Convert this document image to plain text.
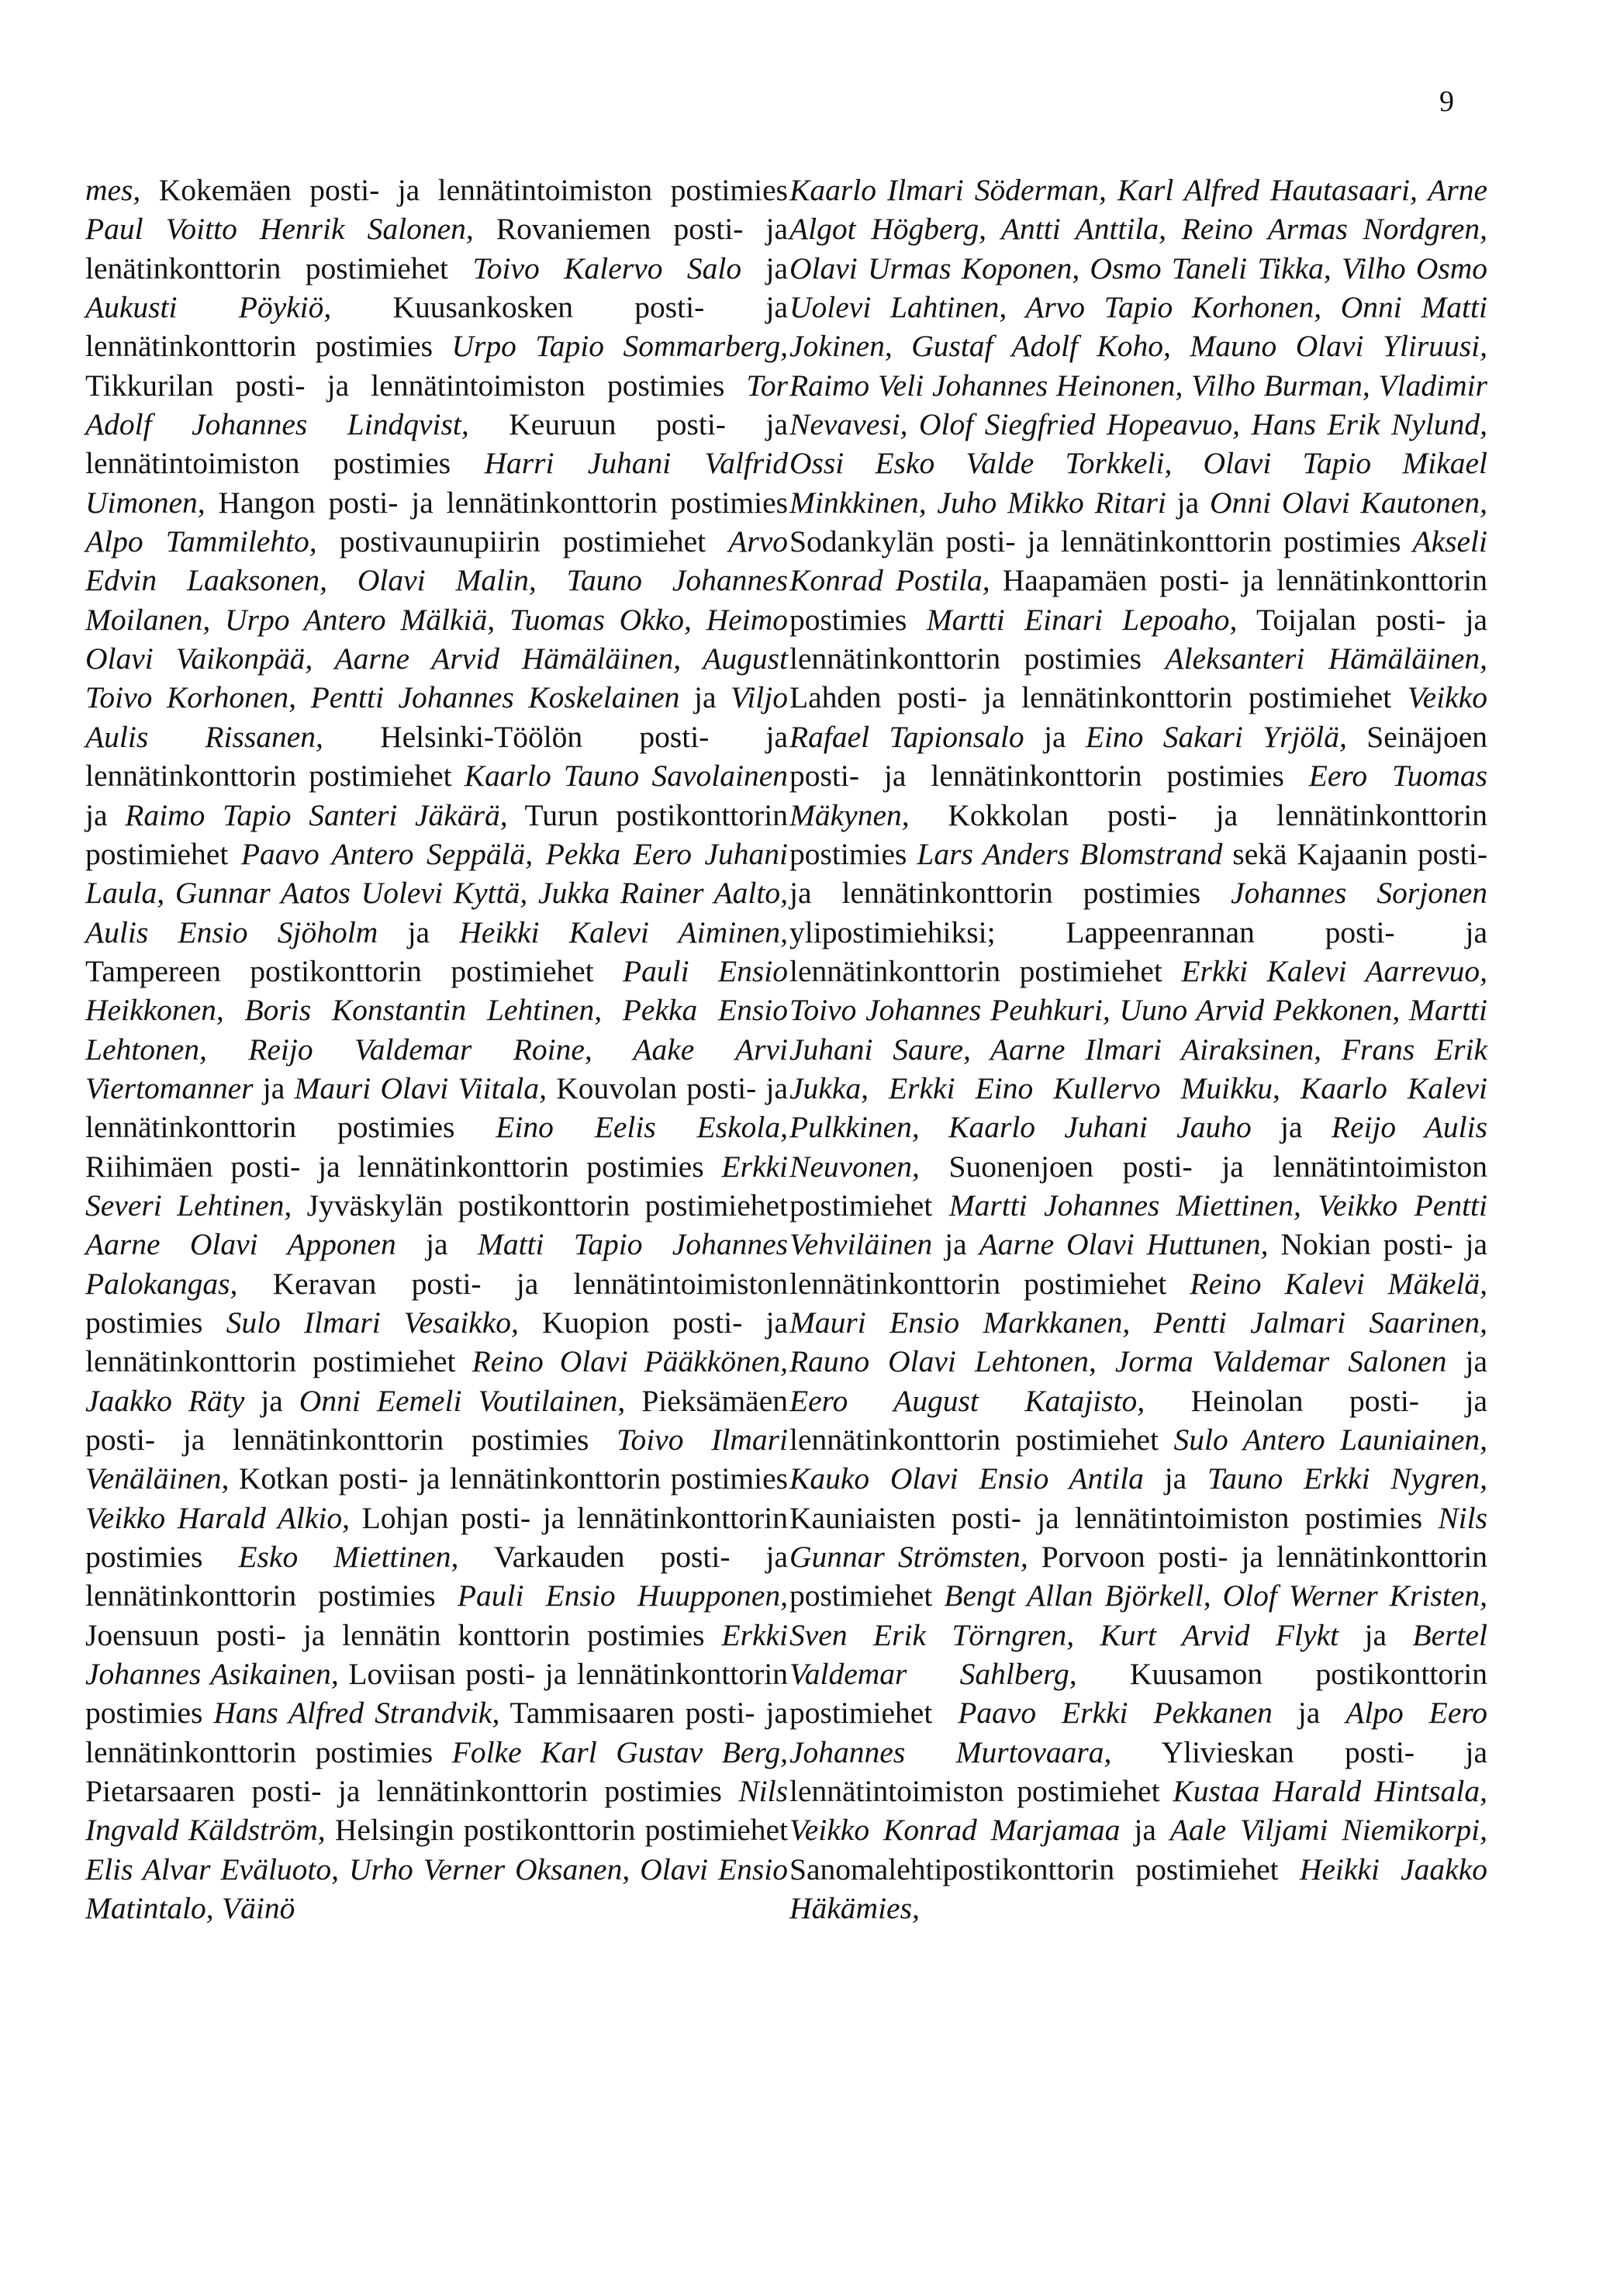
9

mes, Kokemäen posti- ja lennätintoimiston postimies Paul Voitto Henrik Salonen, Rovaniemen posti- ja lenätinkonttorin postimiehet Toivo Kalervo Salo ja Aukusti Pöykiö, Kuusankosken posti- ja lennätinkonttorin postimies Urpo Tapio Sommarberg, Tikkurilan posti- ja lennätintoimiston postimies Tor Adolf Johannes Lindqvist, Keuruun posti- ja lennätintoimiston postimies Harri Juhani Valfrid Uimonen, Hangon posti- ja lennätinkonttorin postimies Alpo Tammilehto, postivaunupiirin postimiehet Arvo Edvin Laaksonen, Olavi Malin, Tauno Johannes Moilanen, Urpo Antero Mälkiä, Tuomas Okko, Heimo Olavi Vaikonpää, Aarne Arvid Hämäläinen, August Toivo Korhonen, Pentti Johannes Koskelainen ja Viljo Aulis Rissanen, Helsinki-Töölön posti- ja lennätinkonttorin postimiehet Kaarlo Tauno Savolainen ja Raimo Tapio Santeri Jäkärä, Turun postikonttorin postimiehet Paavo Antero Seppälä, Pekka Eero Juhani Laula, Gunnar Aatos Uolevi Kyttä, Jukka Rainer Aalto, Aulis Ensio Sjöholm ja Heikki Kalevi Aiminen, Tampereen postikonttorin postimiehet Pauli Ensio Heikkonen, Boris Konstantin Lehtinen, Pekka Ensio Lehtonen, Reijo Valdemar Roine, Aake Arvi Viertomanner ja Mauri Olavi Viitala, Kouvolan posti- ja lennätinkonttorin postimies Eino Eelis Eskola, Riihimäen posti- ja lennätinkonttorin postimies Erkki Severi Lehtinen, Jyväskylän postikonttorin postimiehet Aarne Olavi Apponen ja Matti Tapio Johannes Palokangas, Keravan posti- ja lennätintoimiston postimies Sulo Ilmari Vesaikko, Kuopion posti- ja lennätinkonttorin postimiehet Reino Olavi Pääkkönen, Jaakko Räty ja Onni Eemeli Voutilainen, Pieksämäen posti- ja lennätinkonttorin postimies Toivo Ilmari Venäläinen, Kotkan posti- ja lennätinkonttorin postimies Veikko Harald Alkio, Lohjan posti- ja lennätinkonttorin postimies Esko Miettinen, Varkauden posti- ja lennätinkonttorin postimies Pauli Ensio Huupponen, Joensuun posti- ja lennätin konttorin postimies Erkki Johannes Asikainen, Loviisan posti- ja lennätinkonttorin postimies Hans Alfred Strandvik, Tammisaaren posti- ja lennätinkonttorin postimies Folke Karl Gustav Berg, Pietarsaaren posti- ja lennätinkonttorin postimies Nils Ingvald Käldström, Helsingin postikonttorin postimiehet Elis Alvar Eväluoto, Urho Verner Oksanen, Olavi Ensio Matintalo, Väinö

Kaarlo Ilmari Söderman, Karl Alfred Hautasaari, Arne Algot Högberg, Antti Anttila, Reino Armas Nordgren, Olavi Urmas Koponen, Osmo Taneli Tikka, Vilho Osmo Uolevi Lahtinen, Arvo Tapio Korhonen, Onni Matti Jokinen, Gustaf Adolf Koho, Mauno Olavi Yliruusi, Raimo Veli Johannes Heinonen, Vilho Burman, Vladimir Nevavesi, Olof Siegfried Hopeavuo, Hans Erik Nylund, Ossi Esko Valde Torkkeli, Olavi Tapio Mikael Minkkinen, Juho Mikko Ritari ja Onni Olavi Kautonen, Sodankylän posti- ja lennätinkonttorin postimies Akseli Konrad Postila, Haapamäen posti- ja lennätinkonttorin postimies Martti Einari Lepoaho, Toijalan posti- ja lennätinkonttorin postimies Aleksanteri Hämäläinen, Lahden posti- ja lennätinkonttorin postimiehet Veikko Rafael Tapionsalo ja Eino Sakari Yrjölä, Seinäjoen posti- ja lennätinkonttorin postimies Eero Tuomas Mäkynen, Kokkolan posti- ja lennätinkonttorin postimies Lars Anders Blomstrand sekä Kajaanin posti- ja lennätinkonttorin postimies Johannes Sorjonen ylipostimiehiksi; Lappeenrannan posti- ja lennätinkonttorin postimiehet Erkki Kalevi Aarrevuo, Toivo Johannes Peuhkuri, Uuno Arvid Pekkonen, Martti Juhani Saure, Aarne Ilmari Airaksinen, Frans Erik Jukka, Erkki Eino Kullervo Muikku, Kaarlo Kalevi Pulkkinen, Kaarlo Juhani Jauho ja Reijo Aulis Neuvonen, Suonenjoen posti- ja lennätintoimiston postimiehet Martti Johannes Miettinen, Veikko Pentti Vehviläinen ja Aarne Olavi Huttunen, Nokian posti- ja lennätinkonttorin postimiehet Reino Kalevi Mäkelä, Mauri Ensio Markkanen, Pentti Jalmari Saarinen, Rauno Olavi Lehtonen, Jorma Valdemar Salonen ja Eero August Katajisto, Heinolan posti- ja lennätinkonttorin postimiehet Sulo Antero Launiainen, Kauko Olavi Ensio Antila ja Tauno Erkki Nygren, Kauniaisten posti- ja lennätintoimiston postimies Nils Gunnar Strömsten, Porvoon posti- ja lennätinkonttorin postimiehet Bengt Allan Björkell, Olof Werner Kristen, Sven Erik Törngren, Kurt Arvid Flykt ja Bertel Valdemar Sahlberg, Kuusamon postikonttorin postimiehet Paavo Erkki Pekkanen ja Alpo Eero Johannes Murtovaara, Ylivieskan posti- ja lennätintoimiston postimiehet Kustaa Harald Hintsala, Veikko Konrad Marjamaa ja Aale Viljami Niemikorpi, Sanomalehtipostikonttorin postimiehet Heikki Jaakko Häkämies,
